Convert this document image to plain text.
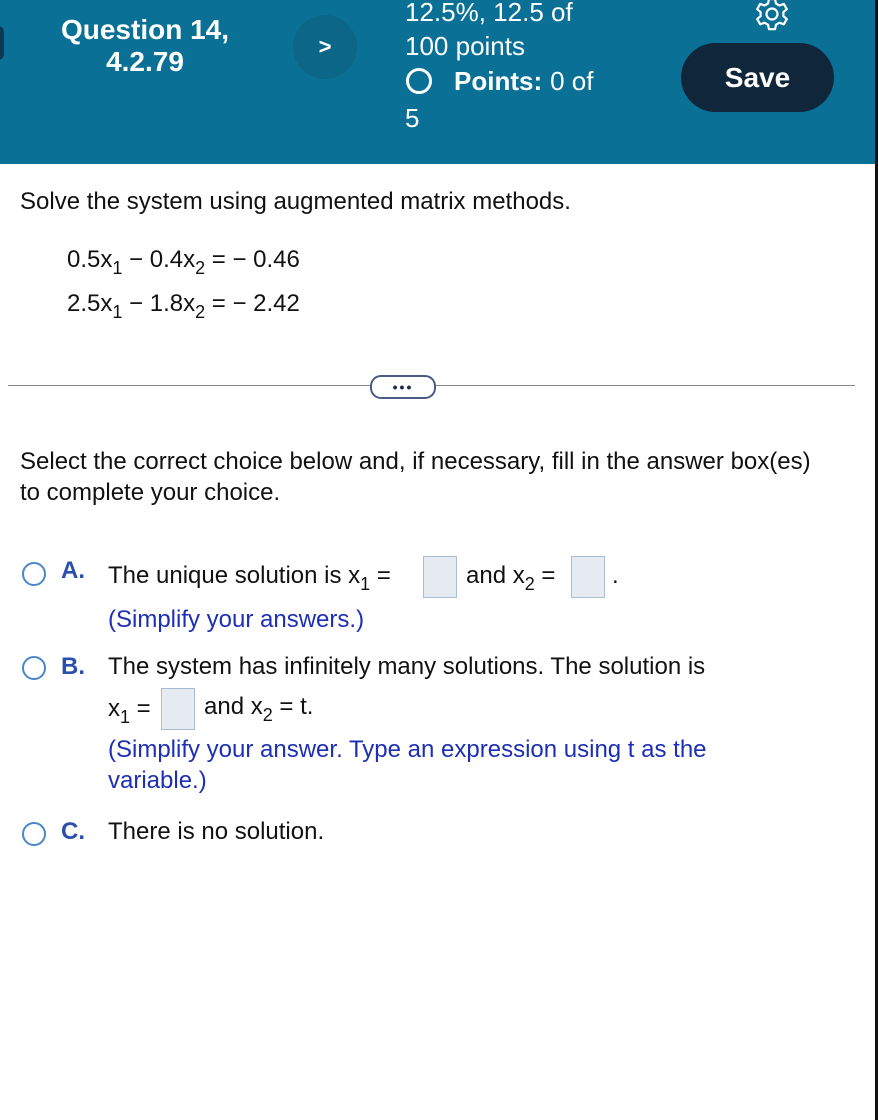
Question 14, 4.2.79	>
12.5%, 12.5 of
100 points
Points: 0 of
5
Save
Solve the system using augmented matrix methods.
$0.5x_1 - 0.4x_2$ = − 0.46
$2.5x_1 - 1.8x_2$ = − 2.42
•••
Select the correct choice below and, if necessary, fill in the answer box(es) to complete your choice.
A. The unique solution is $x_1$ =	and $x_2$ = .
(Simplify your answers.)
B. The system has infinitely many solutions. The solution is
$x_1$ = and $x_2 = t$.
(Simplify your answer. Type an expression using t as the variable.)
C. There is no solution.
